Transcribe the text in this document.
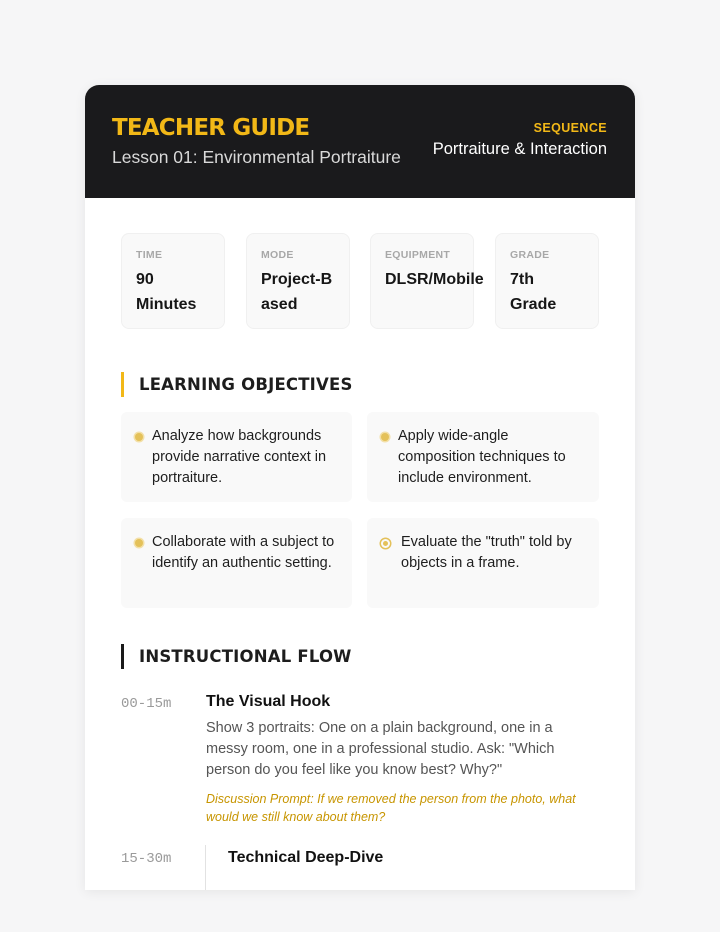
TEACHER GUIDE
Lesson 01: Environmental Portraiture
SEQUENCE
Portraiture & Interaction
TIME
90 Minutes
MODE
Project-Based
EQUIPMENT
DLSR/Mobile
GRADE
7th Grade
LEARNING OBJECTIVES
Analyze how backgrounds provide narrative context in portraiture.
Apply wide-angle composition techniques to include environment.
Collaborate with a subject to identify an authentic setting.
Evaluate the "truth" told by objects in a frame.
INSTRUCTIONAL FLOW
00-15m The Visual Hook
Show 3 portraits: One on a plain background, one in a messy room, one in a professional studio. Ask: "Which person do you feel like you know best? Why?"
Discussion Prompt: If we removed the person from the photo, what would we still know about them?
15-30m	Technical Deep-Dive
